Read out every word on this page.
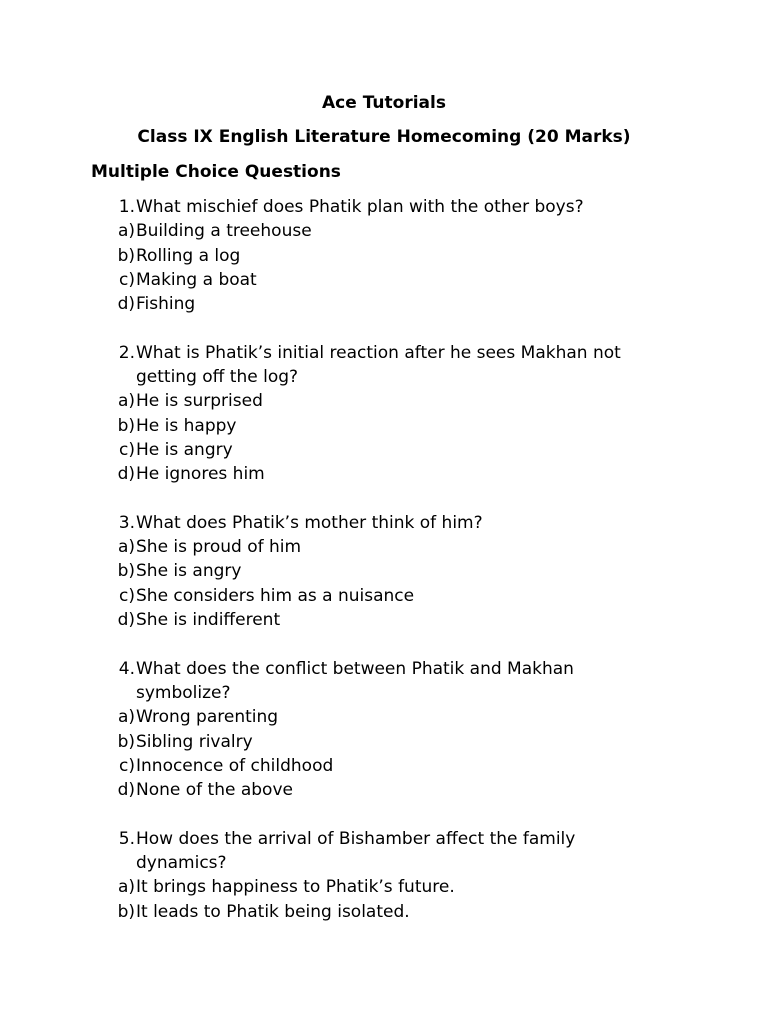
Ace Tutorials
Class IX English Literature Homecoming (20 Marks)
Multiple Choice Questions
1. What mischief does Phatik plan with the other boys?
a) Building a treehouse
b) Rolling a log
c) Making a boat
d) Fishing
2. What is Phatik’s initial reaction after he sees Makhan not
getting off the log?
a) He is surprised
b) He is happy
c) He is angry
d) He ignores him
3. What does Phatik’s mother think of him?
a) She is proud of him
b) She is angry
c) She considers him as a nuisance
d) She is indifferent
4. What does the conflict between Phatik and Makhan
symbolize?
a) Wrong parenting
b) Sibling rivalry
c) Innocence of childhood
d) None of the above
5. How does the arrival of Bishamber affect the family
dynamics?
a) It brings happiness to Phatik’s future.
b) It leads to Phatik being isolated.
